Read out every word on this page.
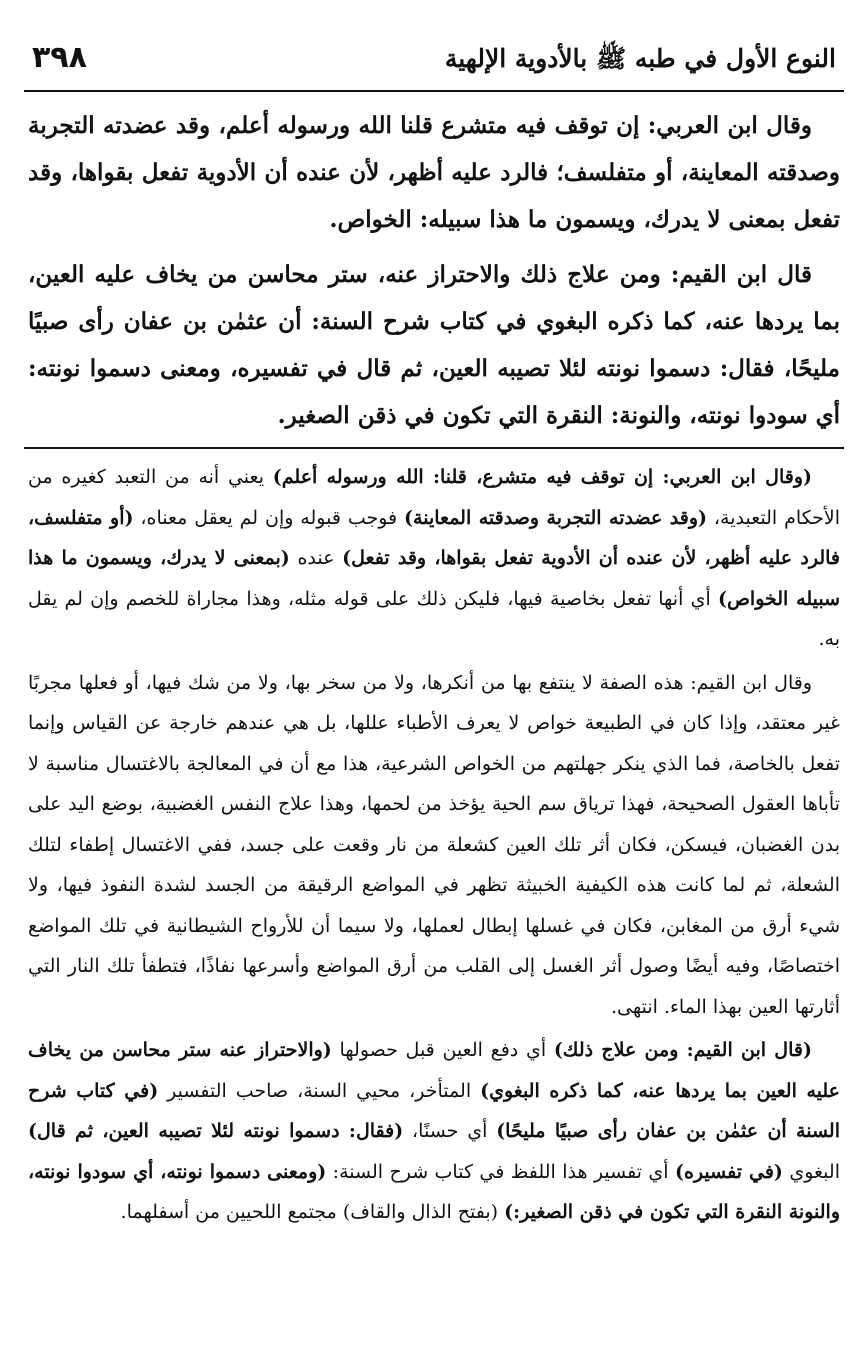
النوع الأول في طبه ﷺ بالأدوية الإلهية
٣٩٨

وقال ابن العربي: إن توقف فيه متشرع قلنا الله ورسوله أعلم، وقد عضدته التجربة وصدقته المعاينة، أو متفلسف؛ فالرد عليه أظهر، لأن عنده أن الأدوية تفعل بقواها، وقد تفعل بمعنى لا يدرك، ويسمون ما هذا سبيله: الخواص.

قال ابن القيم: ومن علاج ذلك والاحتراز عنه، ستر محاسن من يخاف عليه العين، بما يردها عنه، كما ذكره البغوي في كتاب شرح السنة: أن عثمٰن بن عفان رأى صبيًا مليحًا، فقال: دسموا نونته لئلا تصيبه العين، ثم قال في تفسيره، ومعنى دسموا نونته: أي سودوا نونته، والنونة: النقرة التي تكون في ذقن الصغير.

(وقال ابن العربي: إن توقف فيه متشرع، قلنا: الله ورسوله أعلم) يعني أنه من التعبد كغيره من الأحكام التعبدية، (وقد عضدته التجربة وصدقته المعاينة) فوجب قبوله وإن لم يعقل معناه، (أو متفلسف، فالرد عليه أظهر، لأن عنده أن الأدوية تفعل بقواها، وقد تفعل) عنده (بمعنى لا يدرك، ويسمون ما هذا سبيله الخواص) أي أنها تفعل بخاصية فيها، فليكن ذلك على قوله مثله، وهذا مجاراة للخصم وإن لم يقل به.

وقال ابن القيم: هذه الصفة لا ينتفع بها من أنكرها، ولا من سخر بها، ولا من شك فيها، أو فعلها مجربًا غير معتقد، وإذا كان في الطبيعة خواص لا يعرف الأطباء عللها، بل هي عندهم خارجة عن القياس وإنما تفعل بالخاصة، فما الذي ينكر جهلتهم من الخواص الشرعية، هذا مع أن في المعالجة بالاغتسال مناسبة لا تأباها العقول الصحيحة، فهذا ترياق سم الحية يؤخذ من لحمها، وهذا علاج النفس الغضبية، بوضع اليد على بدن الغضبان، فيسكن، فكان أثر تلك العين كشعلة من نار وقعت على جسد، ففي الاغتسال إطفاء لتلك الشعلة، ثم لما كانت هذه الكيفية الخبيثة تظهر في المواضع الرقيقة من الجسد لشدة النفوذ فيها، ولا شيء أرق من المغابن، فكان في غسلها إبطال لعملها، ولا سيما أن للأرواح الشيطانية في تلك المواضع اختصاصًا، وفيه أيضًا وصول أثر الغسل إلى القلب من أرق المواضع وأسرعها نفاذًا، فتطفأ تلك النار التي أثارتها العين بهذا الماء. انتهى.

(قال ابن القيم: ومن علاج ذلك) أي دفع العين قبل حصولها (والاحتراز عنه ستر محاسن من يخاف عليه العين بما يردها عنه، كما ذكره البغوي) المتأخر، محيي السنة، صاحب التفسير (في كتاب شرح السنة أن عثمٰن بن عفان رأى صبيًا مليحًا) أي حسنًا، (فقال: دسموا نونته لئلا تصيبه العين، ثم قال) البغوي (في تفسيره) أي تفسير هذا اللفظ في كتاب شرح السنة: (ومعنى دسموا نونته، أي سودوا نونته، والنونة النقرة التي تكون في ذقن الصغير:) (بفتح الذال والقاف) مجتمع اللحيين من أسفلهما.
